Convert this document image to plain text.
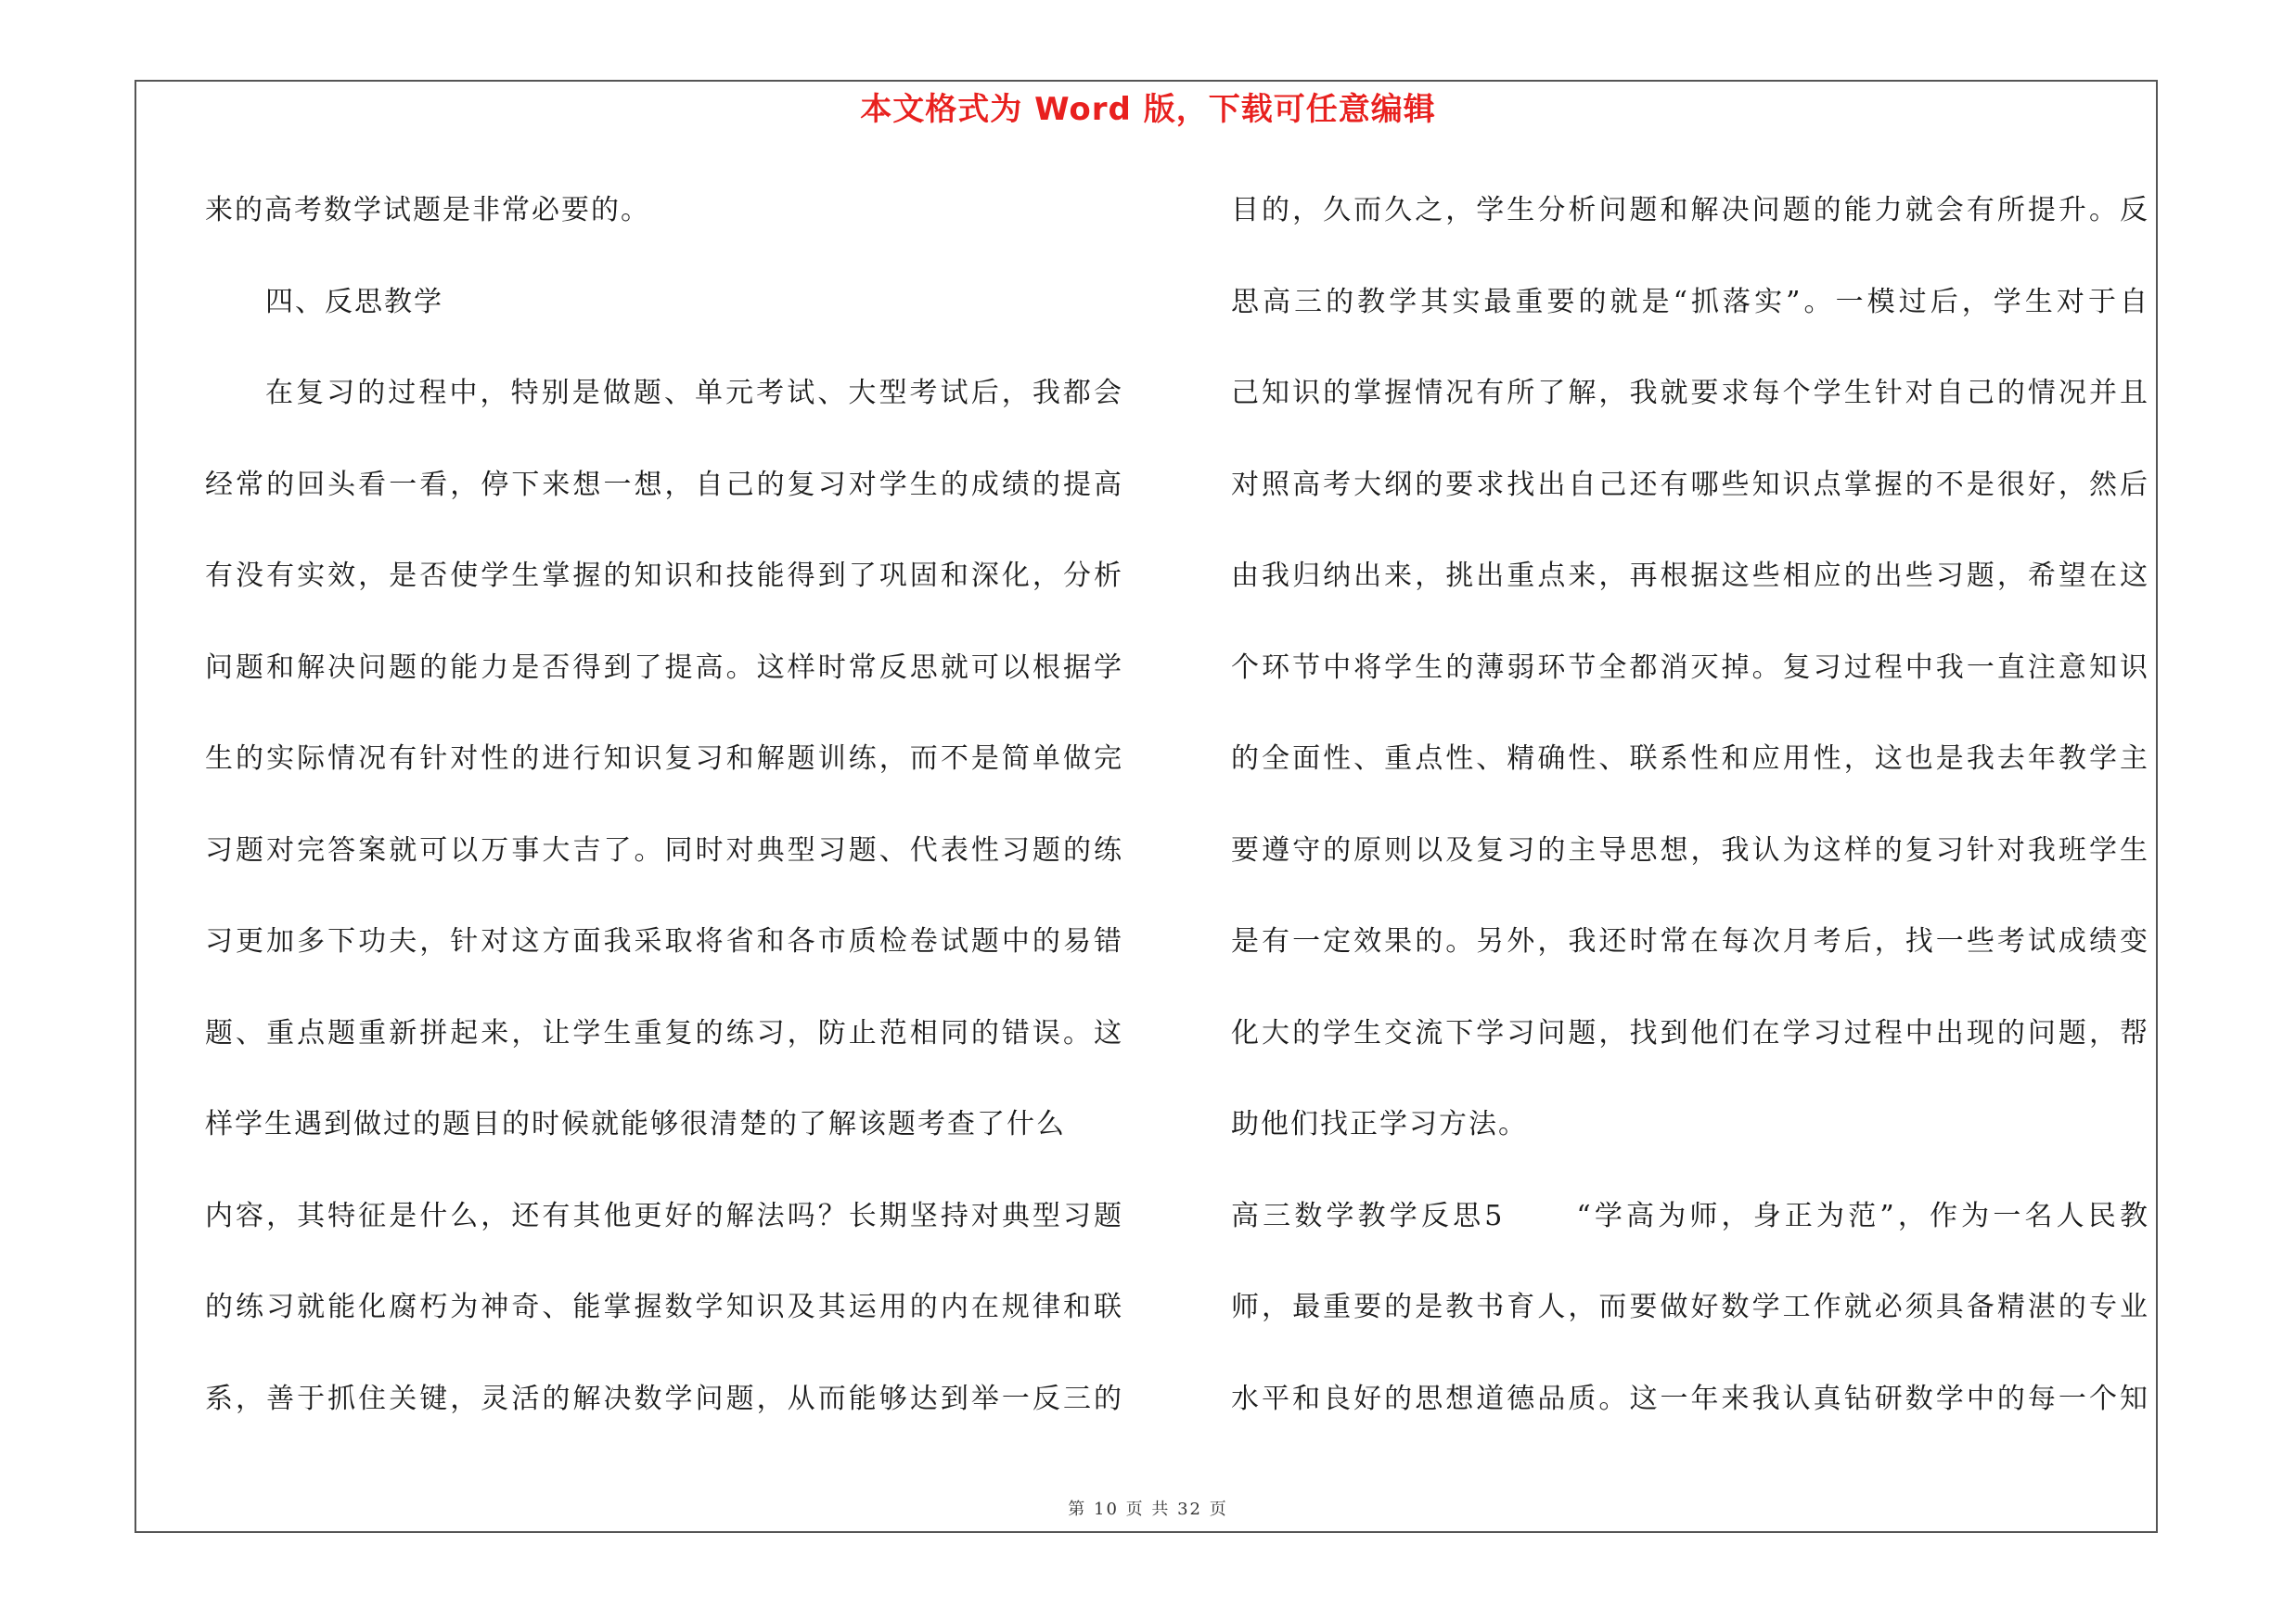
本文格式为 Word 版，下载可任意编辑
来的高考数学试题是非常必要的。
四、反思教学
在复习的过程中，特别是做题、单元考试、大型考试后，我都会
经常的回头看一看，停下来想一想，自己的复习对学生的成绩的提高
有没有实效，是否使学生掌握的知识和技能得到了巩固和深化，分析
问题和解决问题的能力是否得到了提高。这样时常反思就可以根据学
生的实际情况有针对性的进行知识复习和解题训练，而不是简单做完
习题对完答案就可以万事大吉了。同时对典型习题、代表性习题的练
习更加多下功夫，针对这方面我采取将省和各市质检卷试题中的易错
题、重点题重新拼起来，让学生重复的练习，防止范相同的错误。这
样学生遇到做过的题目的时候就能够很清楚的了解该题考查了什么
内容，其特征是什么，还有其他更好的解法吗？长期坚持对典型习题
的练习就能化腐朽为神奇、能掌握数学知识及其运用的内在规律和联
系，善于抓住关键，灵活的解决数学问题，从而能够达到举一反三的
目的，久而久之，学生分析问题和解决问题的能力就会有所提升。反
思高三的教学其实最重要的就是“抓落实”。一模过后，学生对于自
己知识的掌握情况有所了解，我就要求每个学生针对自己的情况并且
对照高考大纲的要求找出自己还有哪些知识点掌握的不是很好，然后
由我归纳出来，挑出重点来，再根据这些相应的出些习题，希望在这
个环节中将学生的薄弱环节全都消灭掉。复习过程中我一直注意知识
的全面性、重点性、精确性、联系性和应用性，这也是我去年教学主
要遵守的原则以及复习的主导思想，我认为这样的复习针对我班学生
是有一定效果的。另外，我还时常在每次月考后，找一些考试成绩变
化大的学生交流下学习问题，找到他们在学习过程中出现的问题，帮
助他们找正学习方法。
高三数学教学反思5	“学高为师，身正为范”，作为一名人民教
师，最重要的是教书育人，而要做好数学工作就必须具备精湛的专业
水平和良好的思想道德品质。这一年来我认真钻研数学中的每一个知
第 10 页 共 32 页
